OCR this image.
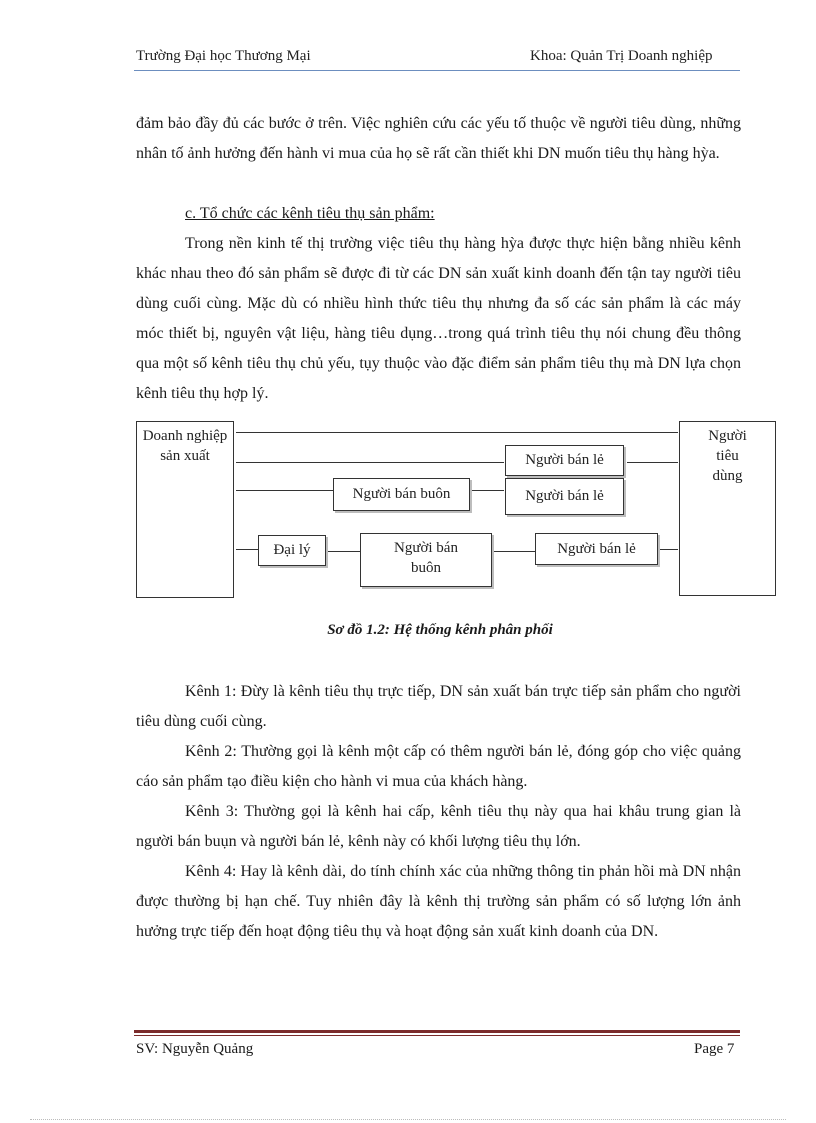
Trường Đại học Thương Mại	Khoa: Quản Trị Doanh nghiệp
đảm bảo đầy đủ các bước ở trên. Việc nghiên cứu các yếu tố thuộc về người tiêu dùng, những nhân tố ảnh hưởng đến hành vi mua của họ sẽ rất cần thiết khi DN muốn tiêu thụ hàng hỳa.
c. Tổ chức các kênh tiêu thụ sản phẩm:
Trong nền kinh tế thị trường việc tiêu thụ hàng hỳa được thực hiện bằng nhiều kênh khác nhau theo đó sản phẩm sẽ được đi từ các DN sản xuất kinh doanh đến tận tay người tiêu dùng cuối cùng. Mặc dù có nhiều hình thức tiêu thụ nhưng đa số các sản phẩm là các máy móc thiết bị, nguyên vật liệu, hàng tiêu dụng…trong quá trình tiêu thụ nói chung đều thông qua một số kênh tiêu thụ chủ yếu, tụy thuộc vào đặc điểm sản phẩm tiêu thụ mà DN lựa chọn kênh tiêu thụ hợp lý.
Doanh nghiệp sản xuất
Người tiêu dùng
Người bán lẻ
Người bán buôn	Người bán lẻ
Đại lý	Người bán buôn
Người bán lẻ
Sơ đồ 1.2: Hệ thống kênh phân phối
Kênh 1: Đừy là kênh tiêu thụ trực tiếp, DN sản xuất bán trực tiếp sản phẩm cho người tiêu dùng cuối cùng.
Kênh 2: Thường gọi là kênh một cấp có thêm người bán lẻ, đóng góp cho việc quảng cáo sản phẩm tạo điều kiện cho hành vi mua của khách hàng.
Kênh 3: Thường gọi là kênh hai cấp, kênh tiêu thụ này qua hai khâu trung gian là người bán buụn và người bán lẻ, kênh này có khối lượng tiêu thụ lớn.
Kênh 4: Hay là kênh dài, do tính chính xác của những thông tin phản hồi mà DN nhận được thường bị hạn chế. Tuy nhiên đây là kênh thị trường sản phẩm có số lượng lớn ảnh hưởng trực tiếp đến hoạt động tiêu thụ và hoạt động sản xuất kinh doanh của DN.
SV: Nguyễn Quảng	Page 7
